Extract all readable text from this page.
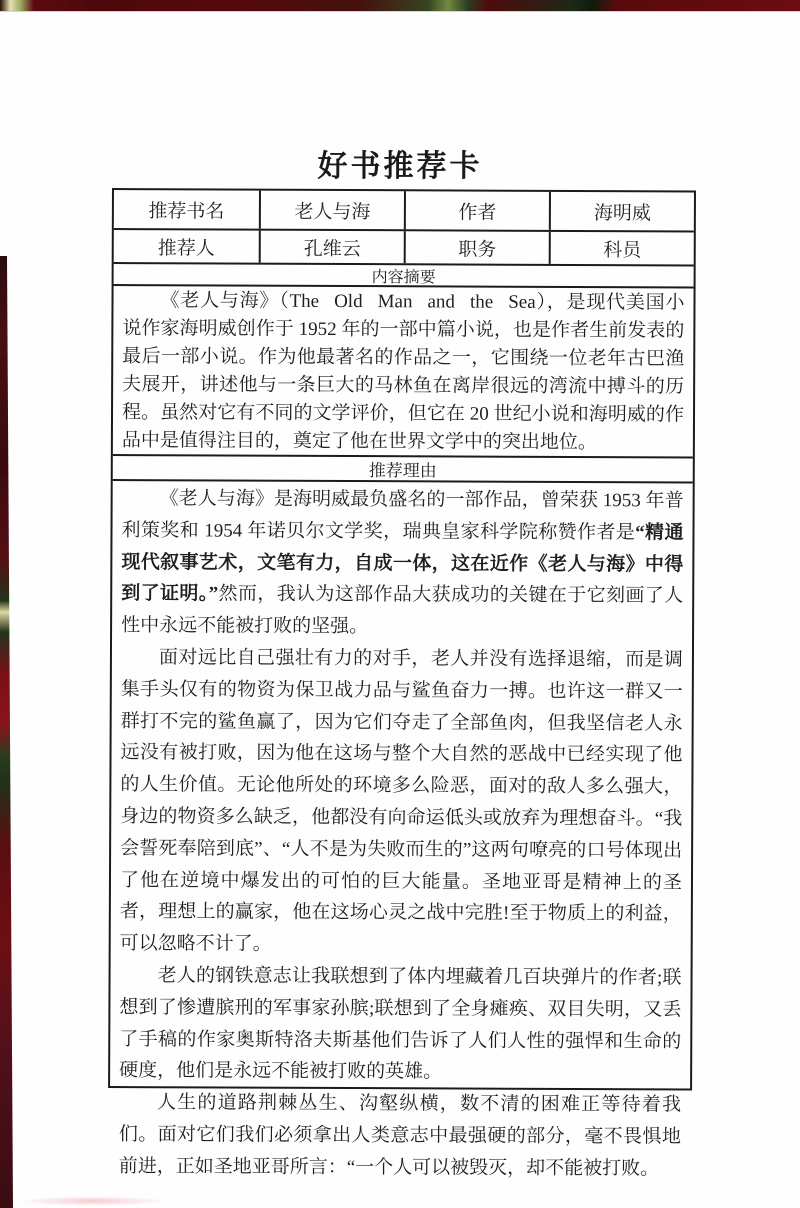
好书推荐卡
推荐书名	老人与海	作者	海明威
推荐人	孔维云	职务	科员
内容摘要

《老人与海》（The  Old  Man  and  the  Sea），是现代美国小说作家海明威创作于 1952 年的一部中篇小说，也是作者生前发表的最后一部小说。作为他最著名的作品之一，它围绕一位老年古巴渔夫展开，讲述他与一条巨大的马林鱼在离岸很远的湾流中搏斗的历程。虽然对它有不同的文学评价，但它在 20 世纪小说和海明威的作品中是值得注目的，奠定了他在世界文学中的突出地位。

推荐理由

《老人与海》是海明威最负盛名的一部作品，曾荣获 1953 年普利策奖和 1954 年诺贝尔文学奖，瑞典皇家科学院称赞作者是“精通现代叙事艺术，文笔有力，自成一体，这在近作《老人与海》中得到了证明。”然而，我认为这部作品大获成功的关键在于它刻画了人性中永远不能被打败的坚强。

面对远比自己强壮有力的对手，老人并没有选择退缩，而是调集手头仅有的物资为保卫战力品与鲨鱼奋力一搏。也许这一群又一群打不完的鲨鱼赢了，因为它们夺走了全部鱼肉，但我坚信老人永远没有被打败，因为他在这场与整个大自然的恶战中已经实现了他的人生价值。无论他所处的环境多么险恶，面对的敌人多么强大，身边的物资多么缺乏，他都没有向命运低头或放弃为理想奋斗。“我会誓死奉陪到底”、“人不是为失败而生的”这两句嘹亮的口号体现出了他在逆境中爆发出的可怕的巨大能量。圣地亚哥是精神上的圣者，理想上的赢家，他在这场心灵之战中完胜!至于物质上的利益，可以忽略不计了。

老人的钢铁意志让我联想到了体内埋藏着几百块弹片的作者;联想到了惨遭膑刑的军事家孙膑;联想到了全身瘫痪、双目失明，又丢了手稿的作家奥斯特洛夫斯基他们告诉了人们人性的强悍和生命的硬度，他们是永远不能被打败的英雄。

人生的道路荆棘丛生、沟壑纵横，数不清的困难正等待着我们。面对它们我们必须拿出人类意志中最强硬的部分，毫不畏惧地前进，正如圣地亚哥所言：“一个人可以被毁灭，却不能被打败。
